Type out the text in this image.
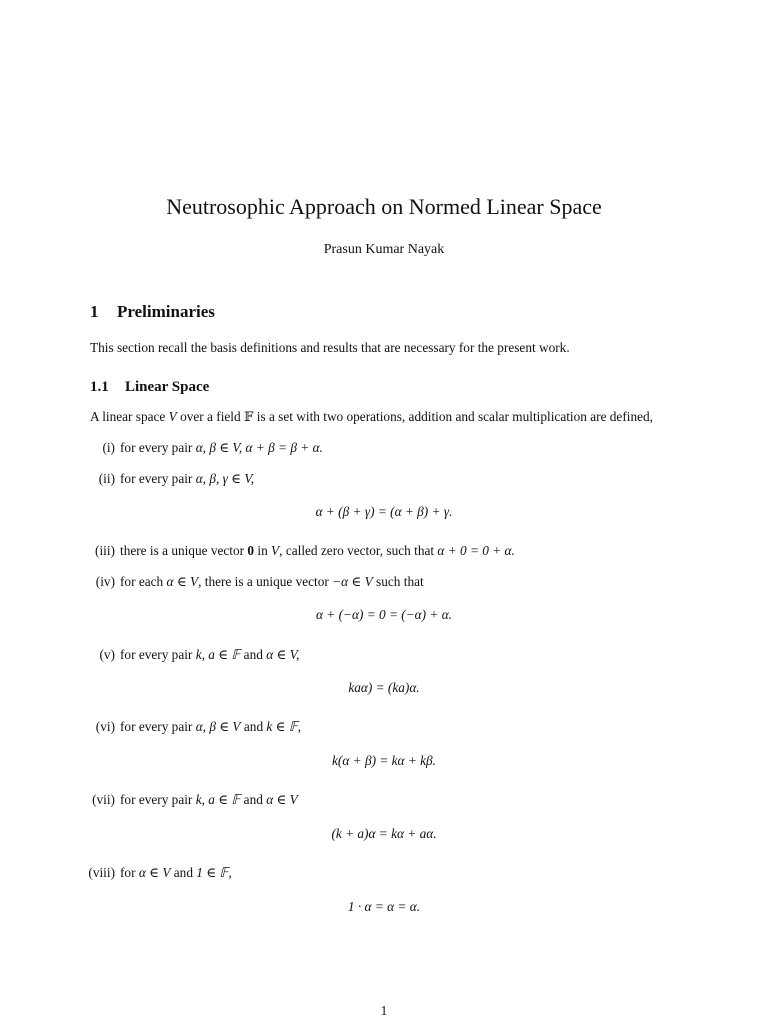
Neutrosophic Approach on Normed Linear Space
Prasun Kumar Nayak
1 Preliminaries
This section recall the basis definitions and results that are necessary for the present work.
1.1 Linear Space
A linear space V over a field 𝔽 is a set with two operations, addition and scalar multiplication are defined,
(i) for every pair α, β ∈ V, α + β = β + α.
(ii) for every pair α, β, γ ∈ V,
α + (β + γ) = (α + β) + γ.
(iii) there is a unique vector 0 in V, called zero vector, such that α + 0 = 0 + α.
(iv) for each α ∈ V, there is a unique vector −α ∈ V such that
α + (−α) = 0 = (−α) + α.
(v) for every pair k, a ∈ 𝔽 and α ∈ V,
kaα) = (ka)α.
(vi) for every pair α, β ∈ V and k ∈ 𝔽,
k(α + β) = kα + kβ.
(vii) for every pair k, a ∈ 𝔽 and α ∈ V
(k + a)α = kα + aα.
(viii) for α ∈ V and 1 ∈ 𝔽,
1 · α = α = α.
1
